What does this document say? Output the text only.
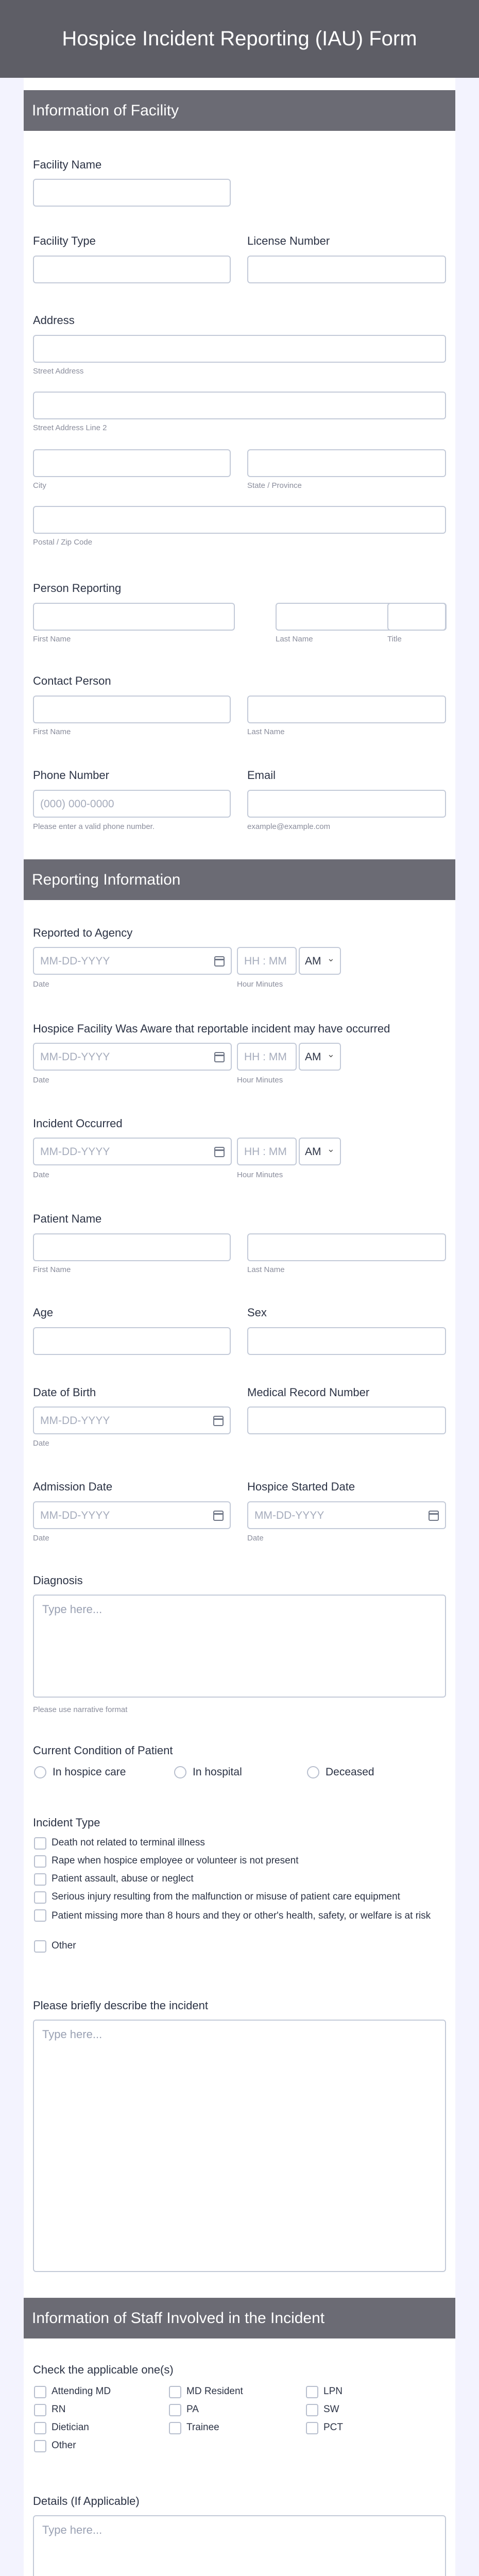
Hospice Incident Reporting (IAU) Form
Information of Facility
Facility Name
Facility Type	License Number
Address
Street Address
Street Address Line 2
City	State / Province
Postal / Zip Code
Person Reporting
First Name	Last Name	Title
Contact Person
First Name	Last Name
Phone Number
(000) 000-0000
Please enter a valid phone number.
Email
example@example.com
Reporting Information
Reported to Agency
MM-DD-YYYY
Date
HH : MM	AM ⌄
Hour Minutes
Hospice Facility Was Aware that reportable incident may have occurred
MM-DD-YYYY
Date
HH : MM	AM ⌄
Hour Minutes
Incident Occurred
MM-DD-YYYY
Date
HH : MM	AM ⌄
Hour Minutes
Patient Name
First Name	Last Name
Age	Sex
Date of Birth
MM-DD-YYYY
Date
Medical Record Number
Admission Date
MM-DD-YYYY
Date
Hospice Started Date
MM-DD-YYYY
Date
Diagnosis
Type here...
Please use narrative format
Current Condition of Patient
In hospice care	In hospital	Deceased
Incident Type
Death not related to terminal illness
Rape when hospice employee or volunteer is not present
Patient assault, abuse or neglect
Serious injury resulting from the malfunction or misuse of patient care equipment
Patient missing more than 8 hours and they or other's health, safety, or welfare is at risk
Other
Please briefly describe the incident
Type here...
Information of Staff Involved in the Incident
Check the applicable one(s)
Attending MD	MD Resident	LPN
RN	PA	SW
Dietician	Trainee	PCT
Other
Details (If Applicable)
Type here...
